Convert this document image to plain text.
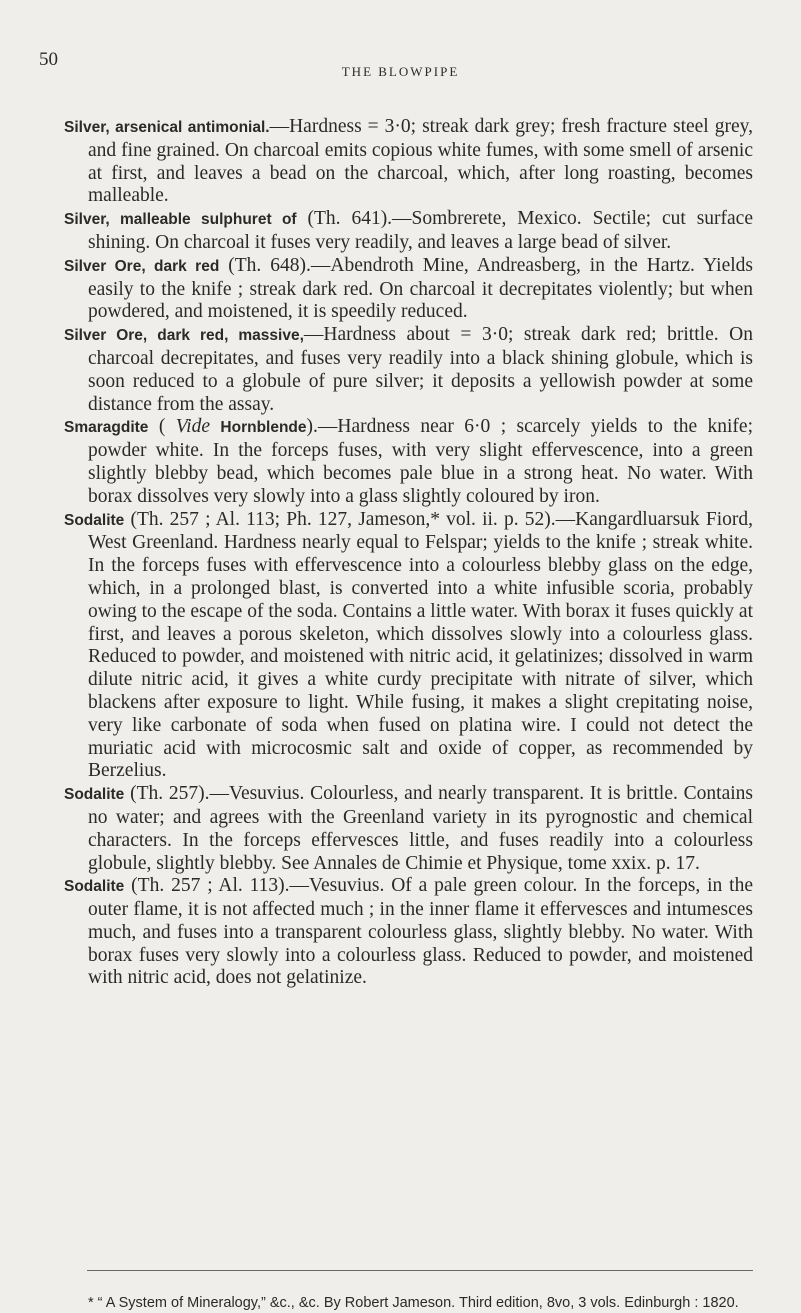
50
THE BLOWPIPE

Silver, arsenical antimonial.—Hardness = 3·0; streak dark grey; fresh fracture steel grey, and fine grained. On charcoal emits copious white fumes, with some smell of arsenic at first, and leaves a bead on the charcoal, which, after long roasting, becomes malleable.

Silver, malleable sulphuret of (Th. 641).—Sombrerete, Mexico. Sectile; cut surface shining. On charcoal it fuses very readily, and leaves a large bead of silver.

Silver Ore, dark red (Th. 648).—Abendroth Mine, Andreasberg, in the Hartz. Yields easily to the knife ; streak dark red. On charcoal it decrepitates violently; but when powdered, and moistened, it is speedily reduced.

Silver Ore, dark red, massive,—Hardness about = 3·0; streak dark red; brittle. On charcoal decrepitates, and fuses very readily into a black shining globule, which is soon reduced to a globule of pure silver; it deposits a yellowish powder at some distance from the assay.

Smaragdite ( Vide Hornblende).—Hardness near 6·0 ; scarcely yields to the knife; powder white. In the forceps fuses, with very slight effervescence, into a green slightly blebby bead, which becomes pale blue in a strong heat. No water. With borax dissolves very slowly into a glass slightly coloured by iron.

Sodalite (Th. 257 ; Al. 113; Ph. 127, Jameson,* vol. ii. p. 52).—Kangardluarsuk Fiord, West Greenland. Hardness nearly equal to Felspar; yields to the knife ; streak white. In the forceps fuses with effervescence into a colourless blebby glass on the edge, which, in a prolonged blast, is converted into a white infusible scoria, probably owing to the escape of the soda. Contains a little water. With borax it fuses quickly at first, and leaves a porous skeleton, which dissolves slowly into a colourless glass. Reduced to powder, and moistened with nitric acid, it gelatinizes; dissolved in warm dilute nitric acid, it gives a white curdy precipitate with nitrate of silver, which blackens after exposure to light. While fusing, it makes a slight crepitating noise, very like carbonate of soda when fused on platina wire. I could not detect the muriatic acid with microcosmic salt and oxide of copper, as recommended by Berzelius.

Sodalite (Th. 257).—Vesuvius. Colourless, and nearly transparent. It is brittle. Contains no water; and agrees with the Greenland variety in its pyrognostic and chemical characters. In the forceps effervesces little, and fuses readily into a colourless globule, slightly blebby. See Annales de Chimie et Physique, tome xxix. p. 17.

Sodalite (Th. 257 ; Al. 113).—Vesuvius. Of a pale green colour. In the forceps, in the outer flame, it is not affected much ; in the inner flame it effervesces and intumesces much, and fuses into a transparent colourless glass, slightly blebby. No water. With borax fuses very slowly into a colourless glass. Reduced to powder, and moistened with nitric acid, does not gelatinize.

* “ A System of Mineralogy,” &c., &c. By Robert Jameson. Third edition, 8vo, 3 vols. Edinburgh : 1820.
